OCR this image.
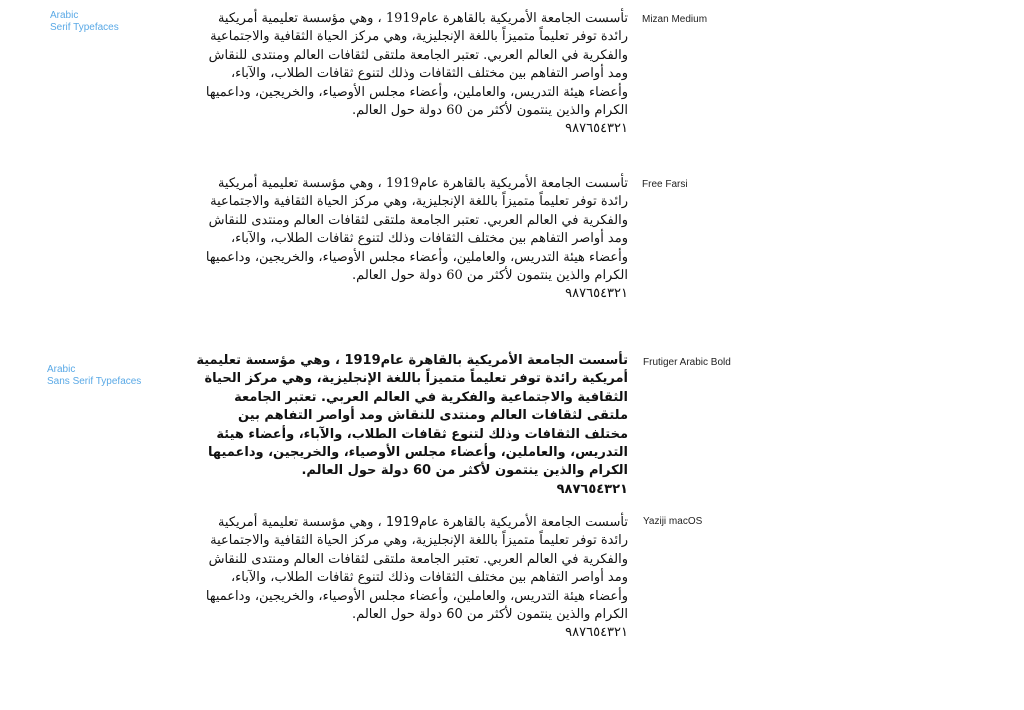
Arabic
Serif Typefaces
تأسست الجامعة الأمريكية بالقاهرة عام1919 ، وهي مؤسسة تعليمية أمريكية رائدة توفر تعليماً متميزاً باللغة الإنجليزية، وهي مركز الحياة الثقافية والاجتماعية والفكرية في العالم العربي. تعتبر الجامعة ملتقى لثقافات العالم ومنتدى للنقاش ومد أواصر التفاهم بين مختلف الثقافات وذلك لتنوع ثقافات الطلاب، والآباء، وأعضاء هيئة التدريس، والعاملين، وأعضاء مجلس الأوصياء، والخريجين، وداعميها الكرام والذين ينتمون لأكثر من 60 دولة حول العالم.
٩٨٧٦٥٤٣٢١
Mizan Medium
تأسست الجامعة الأمريكية بالقاهرة عام1919 ، وهي مؤسسة تعليمية أمريكية رائدة توفر تعليماً متميزاً باللغة الإنجليزية، وهي مركز الحياة الثقافية والاجتماعية والفكرية في العالم العربي. تعتبر الجامعة ملتقى لثقافات العالم ومنتدى للنقاش ومد أواصر التفاهم بين مختلف الثقافات وذلك لتنوع ثقافات الطلاب، والآباء، وأعضاء هيئة التدريس، والعاملين، وأعضاء مجلس الأوصياء، والخريجين، وداعميها الكرام والذين ينتمون لأكثر من 60 دولة حول العالم.
٩٨٧٦٥٤٣٢١
Free Farsi
Arabic
Sans Serif Typefaces
تأسست الجامعة الأمريكية بالقاهرة عام1919 ، وهي مؤسسة تعليمية أمريكية رائدة توفر تعليماً متميزاً باللغة الإنجليزية، وهي مركز الحياة الثقافية والاجتماعية والفكرية في العالم العربي. تعتبر الجامعة ملتقى لثقافات العالم ومنتدى للنقاش ومد أواصر التفاهم بين مختلف الثقافات وذلك لتنوع ثقافات الطلاب، والآباء، وأعضاء هيئة التدريس، والعاملين، وأعضاء مجلس الأوصياء، والخريجين، وداعميها الكرام والذين ينتمون لأكثر من 60 دولة حول العالم.
٩٨٧٦٥٤٣٢١
Frutiger Arabic Bold
تأسست الجامعة الأمريكية بالقاهرة عام1919 ، وهي مؤسسة تعليمية أمريكية رائدة توفر تعليماً متميزاً باللغة الإنجليزية، وهي مركز الحياة الثقافية والاجتماعية والفكرية في العالم العربي. تعتبر الجامعة ملتقى لثقافات العالم ومنتدى للنقاش ومد أواصر التفاهم بين مختلف الثقافات وذلك لتنوع ثقافات الطلاب، والآباء، وأعضاء هيئة التدريس، والعاملين، وأعضاء مجلس الأوصياء، والخريجين، وداعميها الكرام والذين ينتمون لأكثر من 60 دولة حول العالم.
٩٨٧٦٥٤٣٢١
Yaziji macOS
